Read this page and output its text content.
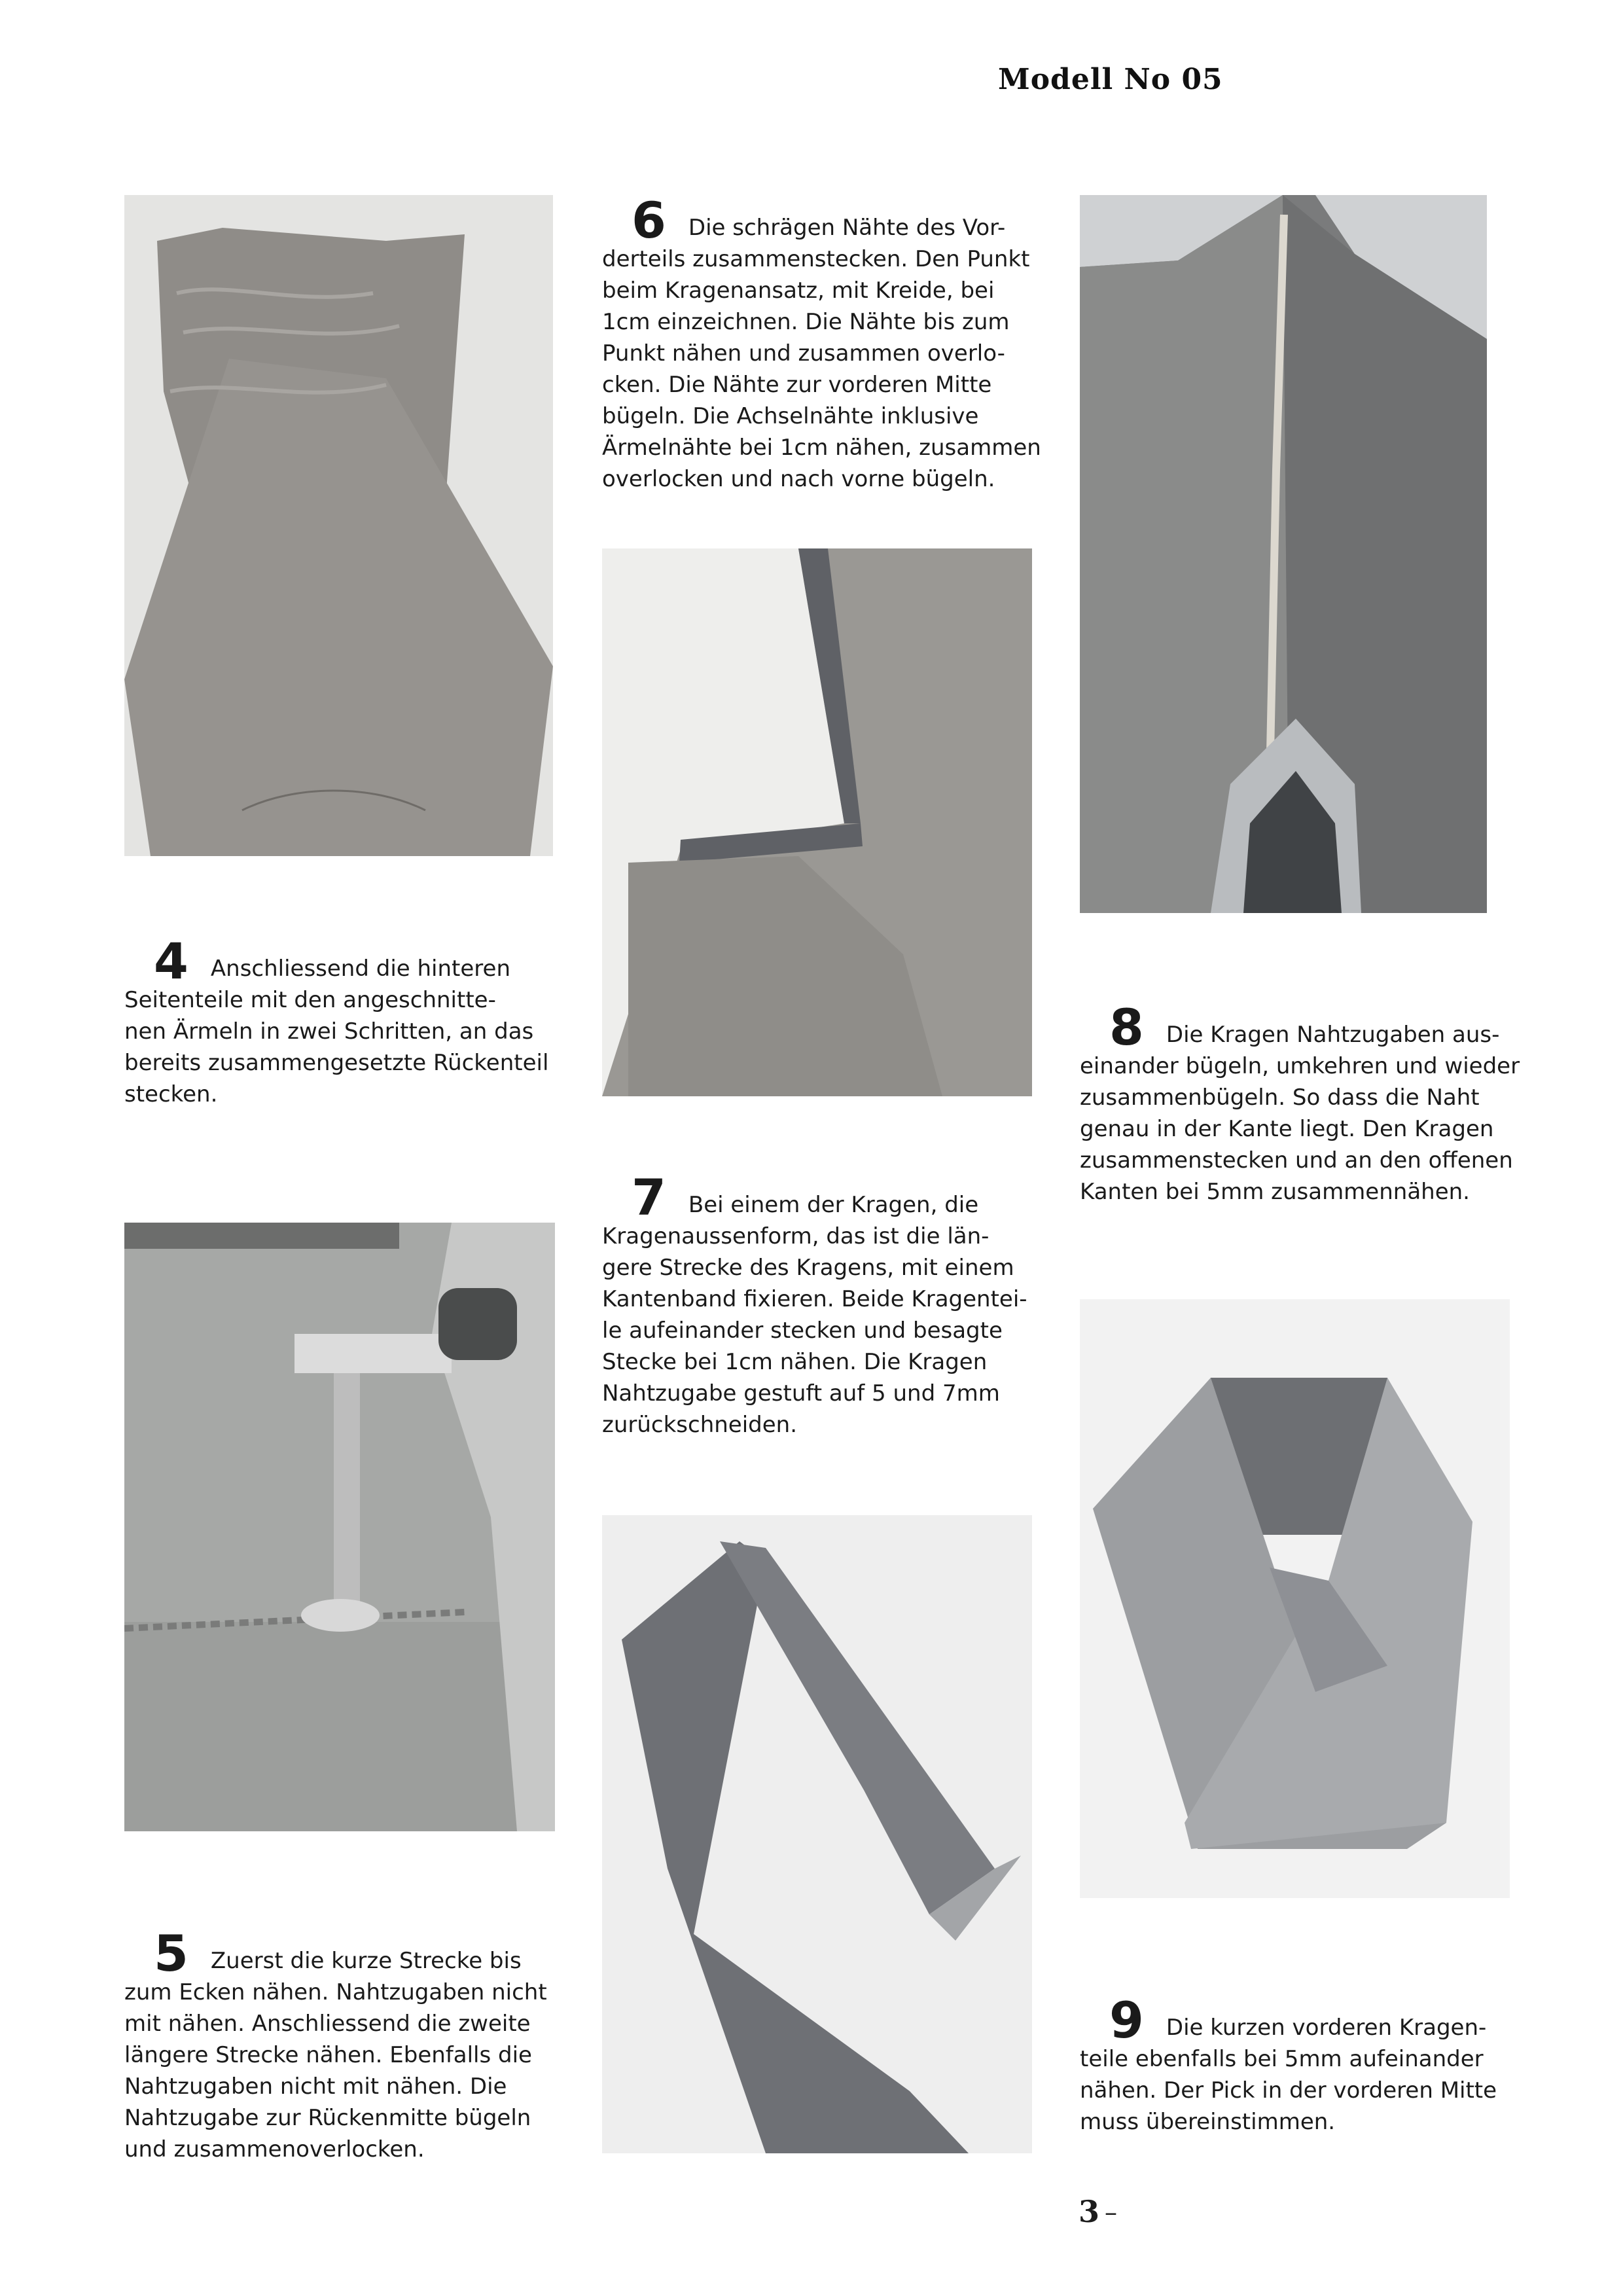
Modell No 05
4 Anschliessend die hinteren
Seitenteile mit den angeschnitte-
nen Ärmeln in zwei Schritten, an das
bereits zusammengesetzte Rückenteil
stecken.
5 Zuerst die kurze Strecke bis
zum Ecken nähen. Nahtzugaben nicht
mit nähen. Anschliessend die zweite
längere Strecke nähen. Ebenfalls die
Nahtzugaben nicht mit nähen. Die
Nahtzugabe zur Rückenmitte bügeln
und zusammenoverlocken.
6 Die schrägen Nähte des Vor-
derteils zusammenstecken. Den Punkt
beim Kragenansatz, mit Kreide, bei
1cm einzeichnen. Die Nähte bis zum
Punkt nähen und zusammen overlo-
cken. Die Nähte zur vorderen Mitte
bügeln. Die Achselnähte inklusive
Ärmelnähte bei 1cm nähen, zusammen
overlocken und nach vorne bügeln.
7 Bei einem der Kragen, die
Kragenaussenform, das ist die län-
gere Strecke des Kragens, mit einem
Kantenband fixieren. Beide Kragentei-
le aufeinander stecken und besagte
Stecke bei 1cm nähen. Die Kragen
Nahtzugabe gestuft auf 5 und 7mm
zurückschneiden.
8 Die Kragen Nahtzugaben aus-
einander bügeln, umkehren und wieder
zusammenbügeln. So dass die Naht
genau in der Kante liegt. Den Kragen
zusammenstecken und an den offenen
Kanten bei 5mm zusammennähen.
9 Die kurzen vorderen Kragen-
teile ebenfalls bei 5mm aufeinander
nähen. Der Pick in der vorderen Mitte
muss übereinstimmen.
3 –
